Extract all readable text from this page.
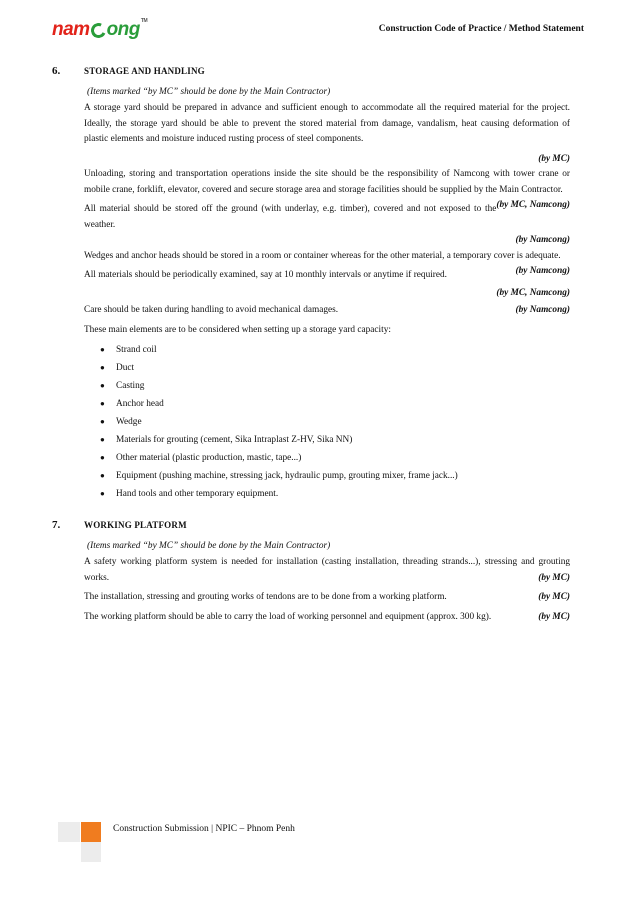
nam ong TM
Construction Code of Practice / Method Statement
6.	STORAGE AND HANDLING
(Items marked “by MC” should be done by the Main Contractor)

A storage yard should be prepared in advance and sufficient enough to accommodate all the required material for the project. Ideally, the storage yard should be able to prevent the stored material from damage, vandalism, heat causing deformation of plastic elements and moisture induced rusting process of steel components.

(by MC)

Unloading, storing and transportation operations inside the site should be the responsibility of Namcong with tower crane or mobile crane, forklift, elevator, covered and secure storage area and storage facilities should be supplied by the Main Contractor.
(by MC, Namcong)

All material should be stored off the ground (with underlay, e.g. timber), covered and not exposed to the weather.

(by Namcong)

Wedges and anchor heads should be stored in a room or container whereas for the other material, a temporary cover is adequate.
(by Namcong)

All materials should be periodically examined, say at 10 monthly intervals or anytime if required.

(by MC, Namcong)
Care should be taken during handling to avoid mechanical damages.	(by Namcong)

These main elements are to be considered when setting up a storage yard capacity:

●	Strand coil
●	Duct
●	Casting
●	Anchor head
●	Wedge
●	Materials for grouting (cement, Sika Intraplast Z-HV, Sika NN)
●	Other material (plastic production, mastic, tape...)
●	Equipment (pushing machine, stressing jack, hydraulic pump, grouting mixer, frame jack...)
●	Hand tools and other temporary equipment.
7.	WORKING PLATFORM
(Items marked “by MC” should be done by the Main Contractor)

A safety working platform system is needed for installation (casting installation, threading strands...), stressing and grouting works.	(by MC)

The installation, stressing and grouting works of tendons are to be done from a working platform.	(by MC)

The working platform should be able to carry the load of working personnel and equipment (approx. 300 kg).	(by MC)

Construction Submission | NPIC – Phnom Penh
